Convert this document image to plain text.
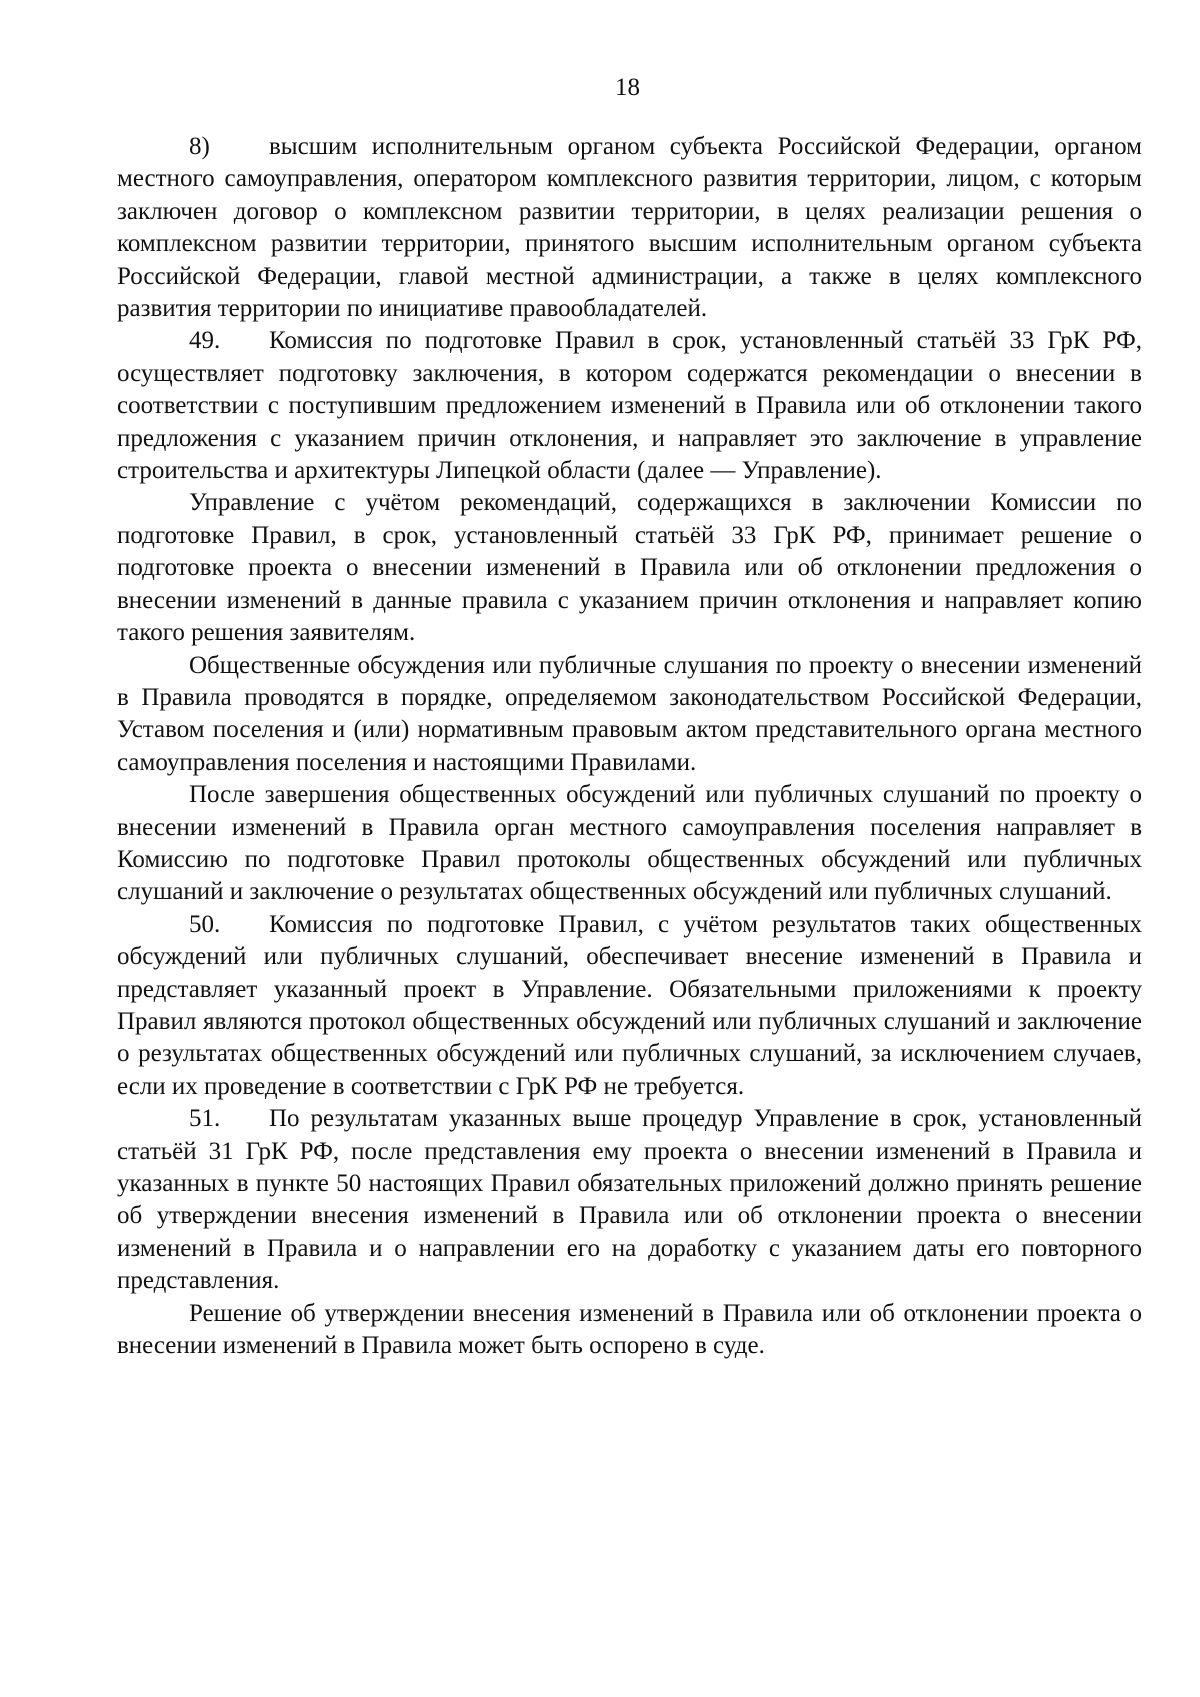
18

8) высшим исполнительным органом субъекта Российской Федерации, органом местного самоуправления, оператором комплексного развития территории, лицом, с которым заключен договор о комплексном развитии территории, в целях реализации решения о комплексном развитии территории, принятого высшим исполнительным органом субъекта Российской Федерации, главой местной администрации, а также в целях комплексного развития территории по инициативе правообладателей.

49. Комиссия по подготовке Правил в срок, установленный статьёй 33 ГрК РФ, осуществляет подготовку заключения, в котором содержатся рекомендации о внесении в соответствии с поступившим предложением изменений в Правила или об отклонении такого предложения с указанием причин отклонения, и направляет это заключение в управление строительства и архитектуры Липецкой области (далее — Управление).

Управление с учётом рекомендаций, содержащихся в заключении Комиссии по подготовке Правил, в срок, установленный статьёй 33 ГрК РФ, принимает решение о подготовке проекта о внесении изменений в Правила или об отклонении предложения о внесении изменений в данные правила с указанием причин отклонения и направляет копию такого решения заявителям.

Общественные обсуждения или публичные слушания по проекту о внесении изменений в Правила проводятся в порядке, определяемом законодательством Российской Федерации, Уставом поселения и (или) нормативным правовым актом представительного органа местного самоуправления поселения и настоящими Правилами.

После завершения общественных обсуждений или публичных слушаний по проекту о внесении изменений в Правила орган местного самоуправления поселения направляет в Комиссию по подготовке Правил протоколы общественных обсуждений или публичных слушаний и заключение о результатах общественных обсуждений или публичных слушаний.

50. Комиссия по подготовке Правил, с учётом результатов таких общественных обсуждений или публичных слушаний, обеспечивает внесение изменений в Правила и представляет указанный проект в Управление. Обязательными приложениями к проекту Правил являются протокол общественных обсуждений или публичных слушаний и заключение о результатах общественных обсуждений или публичных слушаний, за исключением случаев, если их проведение в соответствии с ГрК РФ не требуется.

51. По результатам указанных выше процедур Управление в срок, установленный статьёй 31 ГрК РФ, после представления ему проекта о внесении изменений в Правила и указанных в пункте 50 настоящих Правил обязательных приложений должно принять решение об утверждении внесения изменений в Правила или об отклонении проекта о внесении изменений в Правила и о направлении его на доработку с указанием даты его повторного представления.

Решение об утверждении внесения изменений в Правила или об отклонении проекта о внесении изменений в Правила может быть оспорено в суде.
